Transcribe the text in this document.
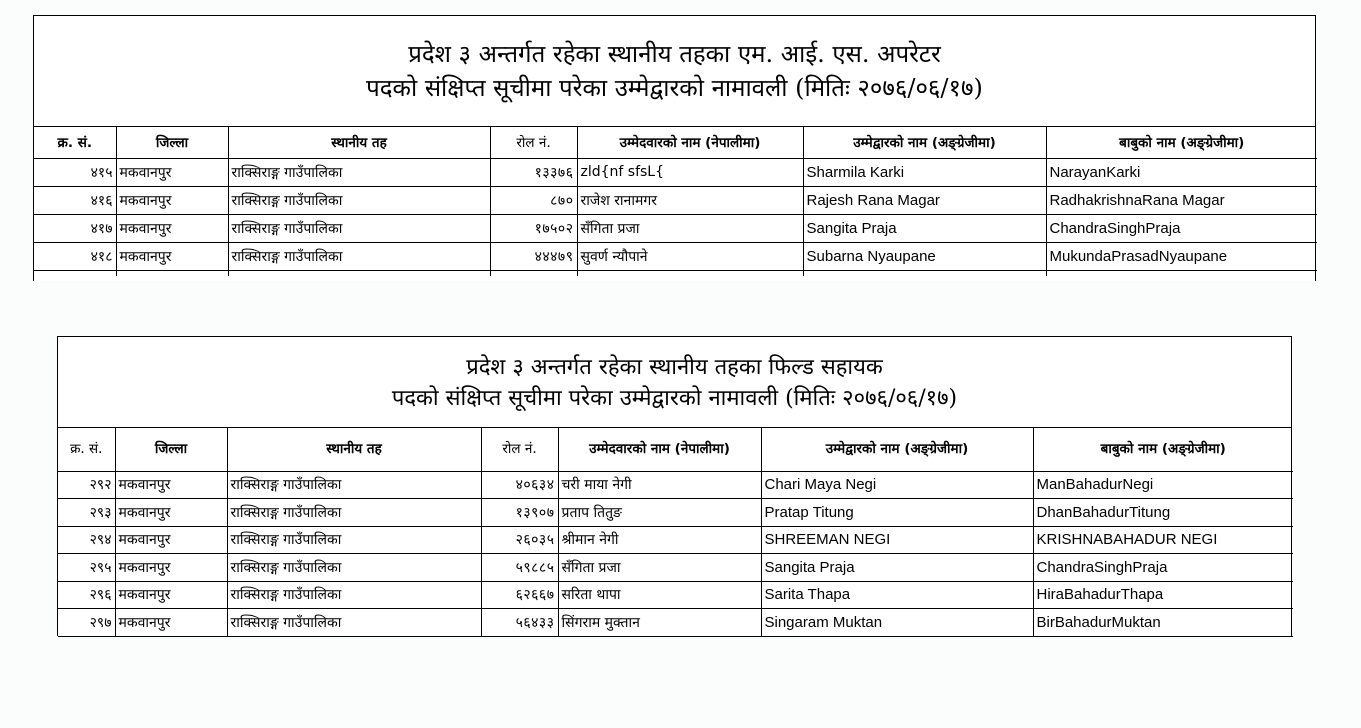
प्रदेश ३ अन्तर्गत रहेका स्थानीय तहका एम. आई. एस. अपरेटर
पदको संक्षिप्त सूचीमा परेका उम्मेद्वारको नामावली (मितिः २०७६/०६/१७)
क्र. सं.	जिल्ला	स्थानीय तह	रोल नं.	उम्मेदवारको नाम (नेपालीमा)	उम्मेद्वारको नाम (अङ्ग्रेजीमा)	बाबुको नाम (अङ्ग्रेजीमा)
४१५	मकवानपुर	राक्सिराङ्ग गाउँपालिका	१३३७६	zld{nf sfsL{	Sharmila Karki	NarayanKarki
४१६	मकवानपुर	राक्सिराङ्ग गाउँपालिका	८७०	राजेश रानामगर	Rajesh Rana Magar	RadhakrishnaRana Magar
४१७	मकवानपुर	राक्सिराङ्ग गाउँपालिका	१७५०२	सँगिता प्रजा	Sangita Praja	ChandraSinghPraja
४१८	मकवानपुर	राक्सिराङ्ग गाउँपालिका	४४४७९	सुवर्ण न्यौपाने	Subarna Nyaupane	MukundaPrasadNyaupane

प्रदेश ३ अन्तर्गत रहेका स्थानीय तहका फिल्ड सहायक
पदको संक्षिप्त सूचीमा परेका उम्मेद्वारको नामावली (मितिः २०७६/०६/१७)
क्र. सं.	जिल्ला	स्थानीय तह	रोल नं.	उम्मेदवारको नाम (नेपालीमा)	उम्मेद्वारको नाम (अङ्ग्रेजीमा)	बाबुको नाम (अङ्ग्रेजीमा)
२९२	मकवानपुर	राक्सिराङ्ग गाउँपालिका	४०६३४	चरी माया नेगी	Chari Maya Negi	ManBahadurNegi
२९३	मकवानपुर	राक्सिराङ्ग गाउँपालिका	१३९०७	प्रताप तितुङ	Pratap Titung	DhanBahadurTitung
२९४	मकवानपुर	राक्सिराङ्ग गाउँपालिका	२६०३५	श्रीमान नेगी	SHREEMAN NEGI	KRISHNABAHADUR NEGI
२९५	मकवानपुर	राक्सिराङ्ग गाउँपालिका	५९८८५	सँगिता प्रजा	Sangita Praja	ChandraSinghPraja
२९६	मकवानपुर	राक्सिराङ्ग गाउँपालिका	६२६६७	सरिता थापा	Sarita Thapa	HiraBahadurThapa
२९७	मकवानपुर	राक्सिराङ्ग गाउँपालिका	५६४३३	सिंगराम मुक्तान	Singaram Muktan	BirBahadurMuktan
